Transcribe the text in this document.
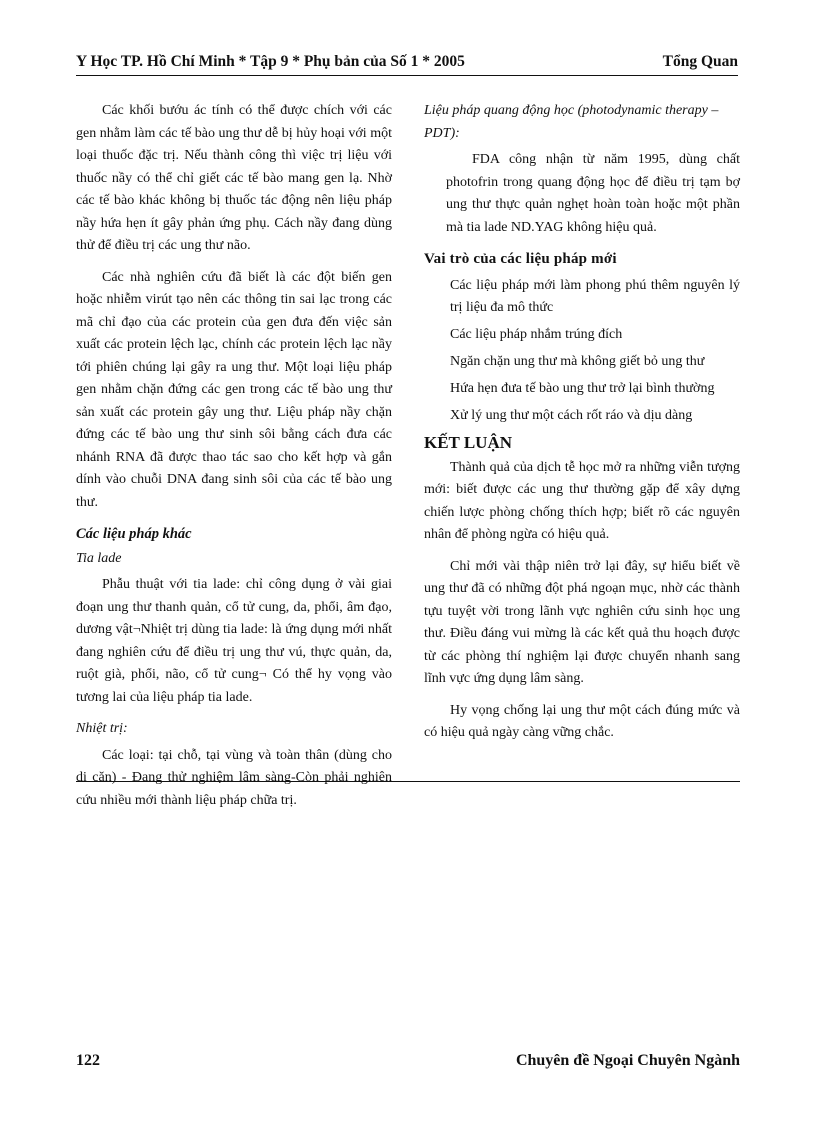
Y Học TP. Hồ Chí Minh * Tập 9 * Phụ bản của Số 1 * 2005	Tổng Quan

Các khối bướu ác tính có thể được chích với các gen nhằm làm các tế bào ung thư dễ bị hủy hoại với một loại thuốc đặc trị. Nếu thành công thì việc trị liệu với thuốc nầy có thể chỉ giết các tế bào mang gen lạ. Nhờ các tế bào khác không bị thuốc tác động nên liệu pháp nầy hứa hẹn ít gây phản ứng phụ. Cách nầy đang dùng thử để điều trị các ung thư não.

Các nhà nghiên cứu đã biết là các đột biến gen hoặc nhiễm virút tạo nên các thông tin sai lạc trong các mã chỉ đạo của các protein của gen đưa đến việc sản xuất các protein lệch lạc, chính các protein lệch lạc nầy tới phiên chúng lại gây ra ung thư. Một loại liệu pháp gen nhằm chặn đứng các gen trong các tế bào ung thư sản xuất các protein gây ung thư. Liệu pháp nầy chặn đứng các tế bào ung thư sinh sôi bằng cách đưa các nhánh RNA đã được thao tác sao cho kết hợp và gắn dính vào chuỗi DNA đang sinh sôi của các tế bào ung thư.

Các liệu pháp khác
Tia lade

Phẫu thuật với tia lade: chỉ công dụng ở vài giai đoạn ung thư thanh quản, cổ tử cung, da, phổi, âm đạo, dương vật¬Nhiệt trị dùng tia lade: là ứng dụng mới nhất đang nghiên cứu để điều trị ung thư vú, thực quản, da, ruột già, phổi, não, cổ tử cung¬ Có thể hy vọng vào tương lai của liệu pháp tia lade.

Nhiệt trị:

Các loại: tại chỗ, tại vùng và toàn thân (dùng cho di căn) - Đang thử nghiệm lâm sàng-Còn phải nghiên cứu nhiều mới thành liệu pháp chữa trị.

Liệu pháp quang động học (photodynamic therapy –PDT):

FDA công nhận từ năm 1995, dùng chất photofrin trong quang động học để điều trị tạm bợ ung thư thực quản nghẹt hoàn toàn hoặc một phần mà tia lade ND.YAG không hiệu quả.

Vai trò của các liệu pháp mới

Các liệu pháp mới làm phong phú thêm nguyên lý trị liệu đa mô thức

Các liệu pháp nhắm trúng đích

Ngăn chặn ung thư mà không giết bỏ ung thư

Hứa hẹn đưa tế bào ung thư trở lại bình thường

Xử lý ung thư một cách rốt ráo và dịu dàng

KẾT LUẬN

Thành quả của dịch tễ học mở ra những viễn tượng mới: biết được các ung thư thường gặp để xây dựng chiến lược phòng chống thích hợp; biết rõ các nguyên nhân để phòng ngừa có hiệu quả.

Chỉ mới vài thập niên trở lại đây, sự hiểu biết về ung thư đã có những đột phá ngoạn mục, nhờ các thành tựu tuyệt vời trong lãnh vực nghiên cứu sinh học ung thư. Điều đáng vui mừng là các kết quả thu hoạch được từ các phòng thí nghiệm lại được chuyển nhanh sang lĩnh vực ứng dụng lâm sàng.

Hy vọng chống lại ung thư một cách đúng mức và có hiệu quả ngày càng vững chắc.

122	Chuyên đề Ngoại Chuyên Ngành
